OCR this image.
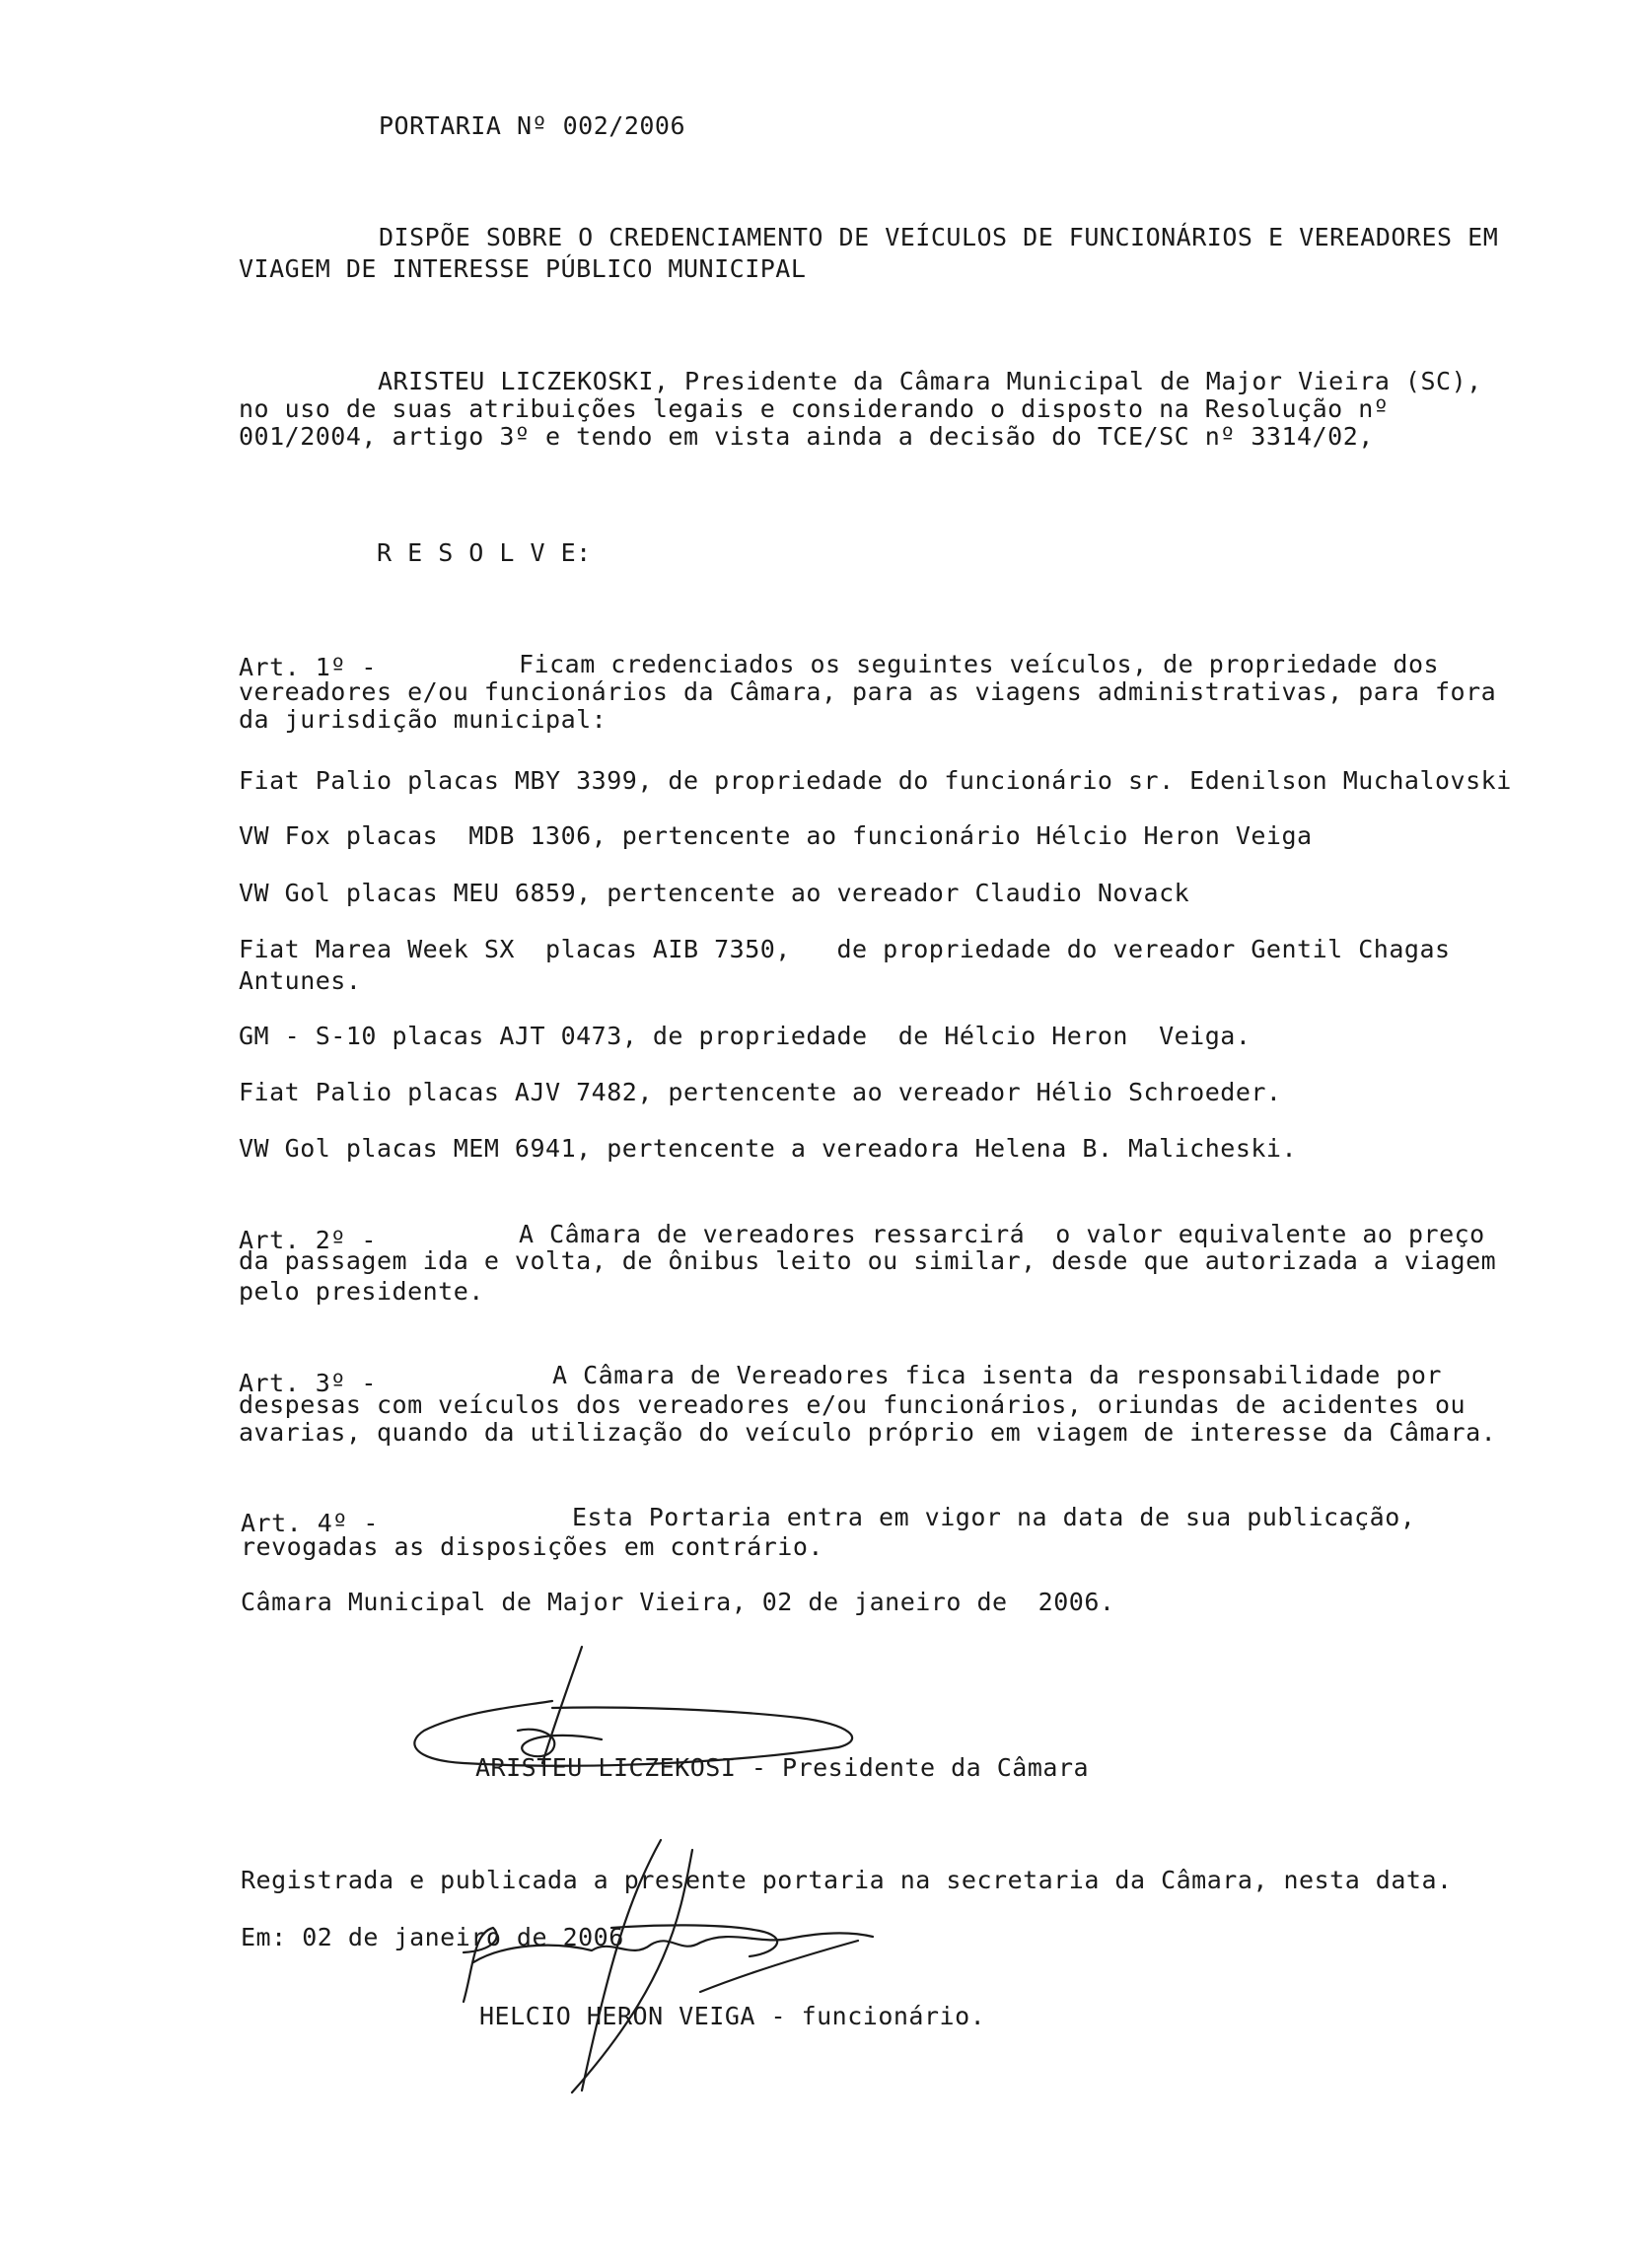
PORTARIA Nº 002/2006
DISPÕE SOBRE O CREDENCIAMENTO DE VEÍCULOS DE FUNCIONÁRIOS E VEREADORES EM
VIAGEM DE INTERESSE PÚBLICO MUNICIPAL
ARISTEU LICZEKOSKI, Presidente da Câmara Municipal de Major Vieira (SC),
no uso de suas atribuições legais e considerando o disposto na Resolução nº
001/2004, artigo 3º e tendo em vista ainda a decisão do TCE/SC nº 3314/02,
R E S O L V E:
Art. 1º -	Ficam credenciados os seguintes veículos, de propriedade dos
vereadores e/ou funcionários da Câmara, para as viagens administrativas, para fora
da jurisdição municipal:
Fiat Palio placas MBY 3399, de propriedade do funcionário sr. Edenilson Muchalovski
VW Fox placas  MDB 1306, pertencente ao funcionário Hélcio Heron Veiga
VW Gol placas MEU 6859, pertencente ao vereador Claudio Novack
Fiat Marea Week SX  placas AIB 7350,   de propriedade do vereador Gentil Chagas
Antunes.
GM - S-10 placas AJT 0473, de propriedade  de Hélcio Heron  Veiga.
Fiat Palio placas AJV 7482, pertencente ao vereador Hélio Schroeder.
VW Gol placas MEM 6941, pertencente a vereadora Helena B. Malicheski.
Art. 2º -	A Câmara de vereadores ressarcirá  o valor equivalente ao preço
da passagem ida e volta, de ônibus leito ou similar, desde que autorizada a viagem
pelo presidente.
Art. 3º -	A Câmara de Vereadores fica isenta da responsabilidade por
despesas com veículos dos vereadores e/ou funcionários, oriundas de acidentes ou
avarias, quando da utilização do veículo próprio em viagem de interesse da Câmara.
Art. 4º -	Esta Portaria entra em vigor na data de sua publicação,
revogadas as disposições em contrário.
Câmara Municipal de Major Vieira, 02 de janeiro de  2006.
ARISTEU LICZEKOSI - Presidente da Câmara
Registrada e publicada a presente portaria na secretaria da Câmara, nesta data.
Em: 02 de janeiro de 2006
HELCIO HERON VEIGA - funcionário.
